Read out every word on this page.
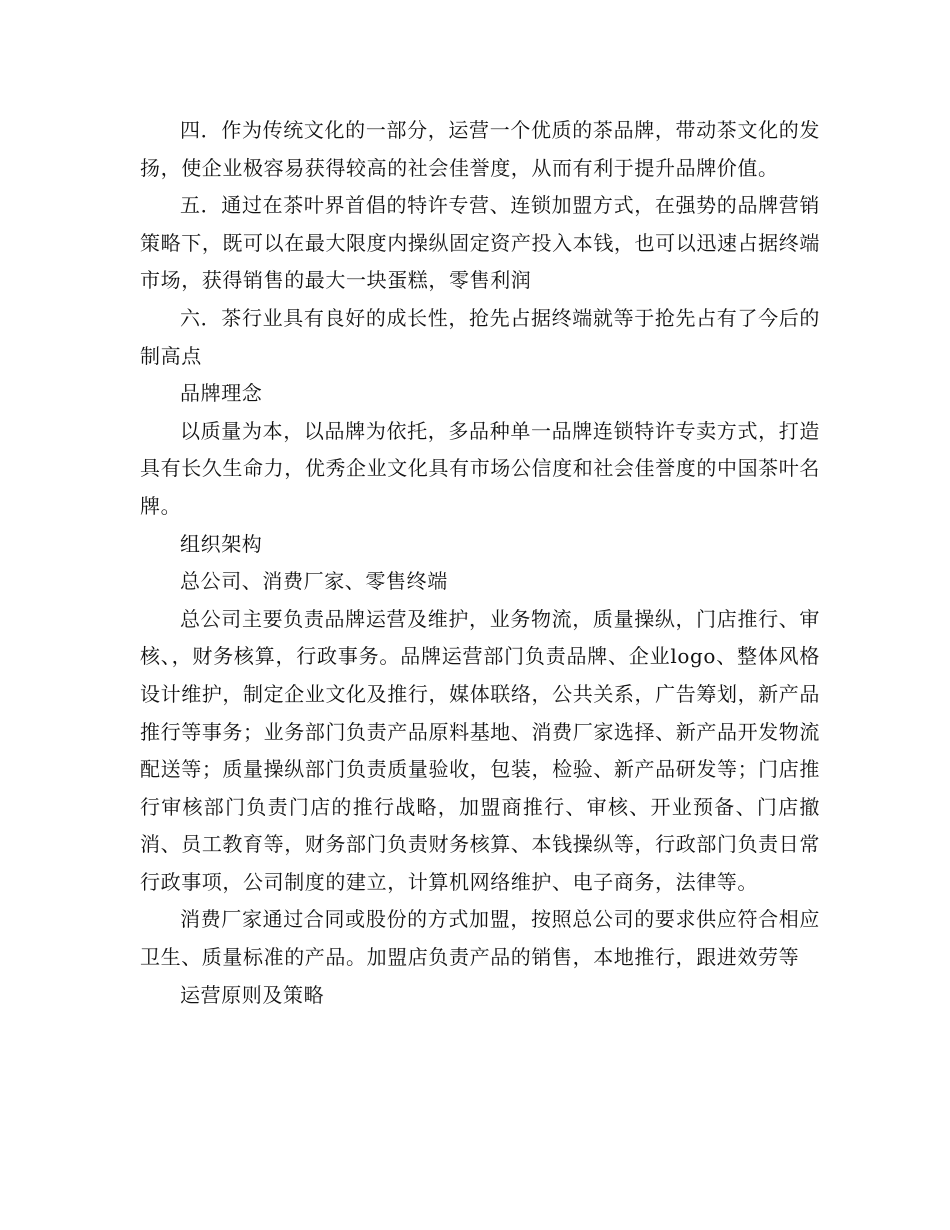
四．作为传统文化的一部分，运营一个优质的茶品牌，带动茶文化的发扬，使企业极容易获得较高的社会佳誉度，从而有利于提升品牌价值。

五．通过在茶叶界首倡的特许专营、连锁加盟方式，在强势的品牌营销策略下，既可以在最大限度内操纵固定资产投入本钱，也可以迅速占据终端市场，获得销售的最大一块蛋糕，零售利润

六．茶行业具有良好的成长性，抢先占据终端就等于抢先占有了今后的制高点

品牌理念

以质量为本，以品牌为依托，多品种单一品牌连锁特许专卖方式，打造具有长久生命力，优秀企业文化具有市场公信度和社会佳誉度的中国茶叶名牌。

组织架构

总公司、消费厂家、零售终端

总公司主要负责品牌运营及维护，业务物流，质量操纵，门店推行、审核、，财务核算，行政事务。品牌运营部门负责品牌、企业logo、整体风格设计维护，制定企业文化及推行，媒体联络，公共关系，广告筹划，新产品推行等事务；业务部门负责产品原料基地、消费厂家选择、新产品开发物流配送等；质量操纵部门负责质量验收，包装，检验、新产品研发等；门店推行审核部门负责门店的推行战略，加盟商推行、审核、开业预备、门店撤消、员工教育等，财务部门负责财务核算、本钱操纵等，行政部门负责日常行政事项，公司制度的建立，计算机网络维护、电子商务，法律等。

消费厂家通过合同或股份的方式加盟，按照总公司的要求供应符合相应卫生、质量标准的产品。加盟店负责产品的销售，本地推行，跟进效劳等

运营原则及策略
